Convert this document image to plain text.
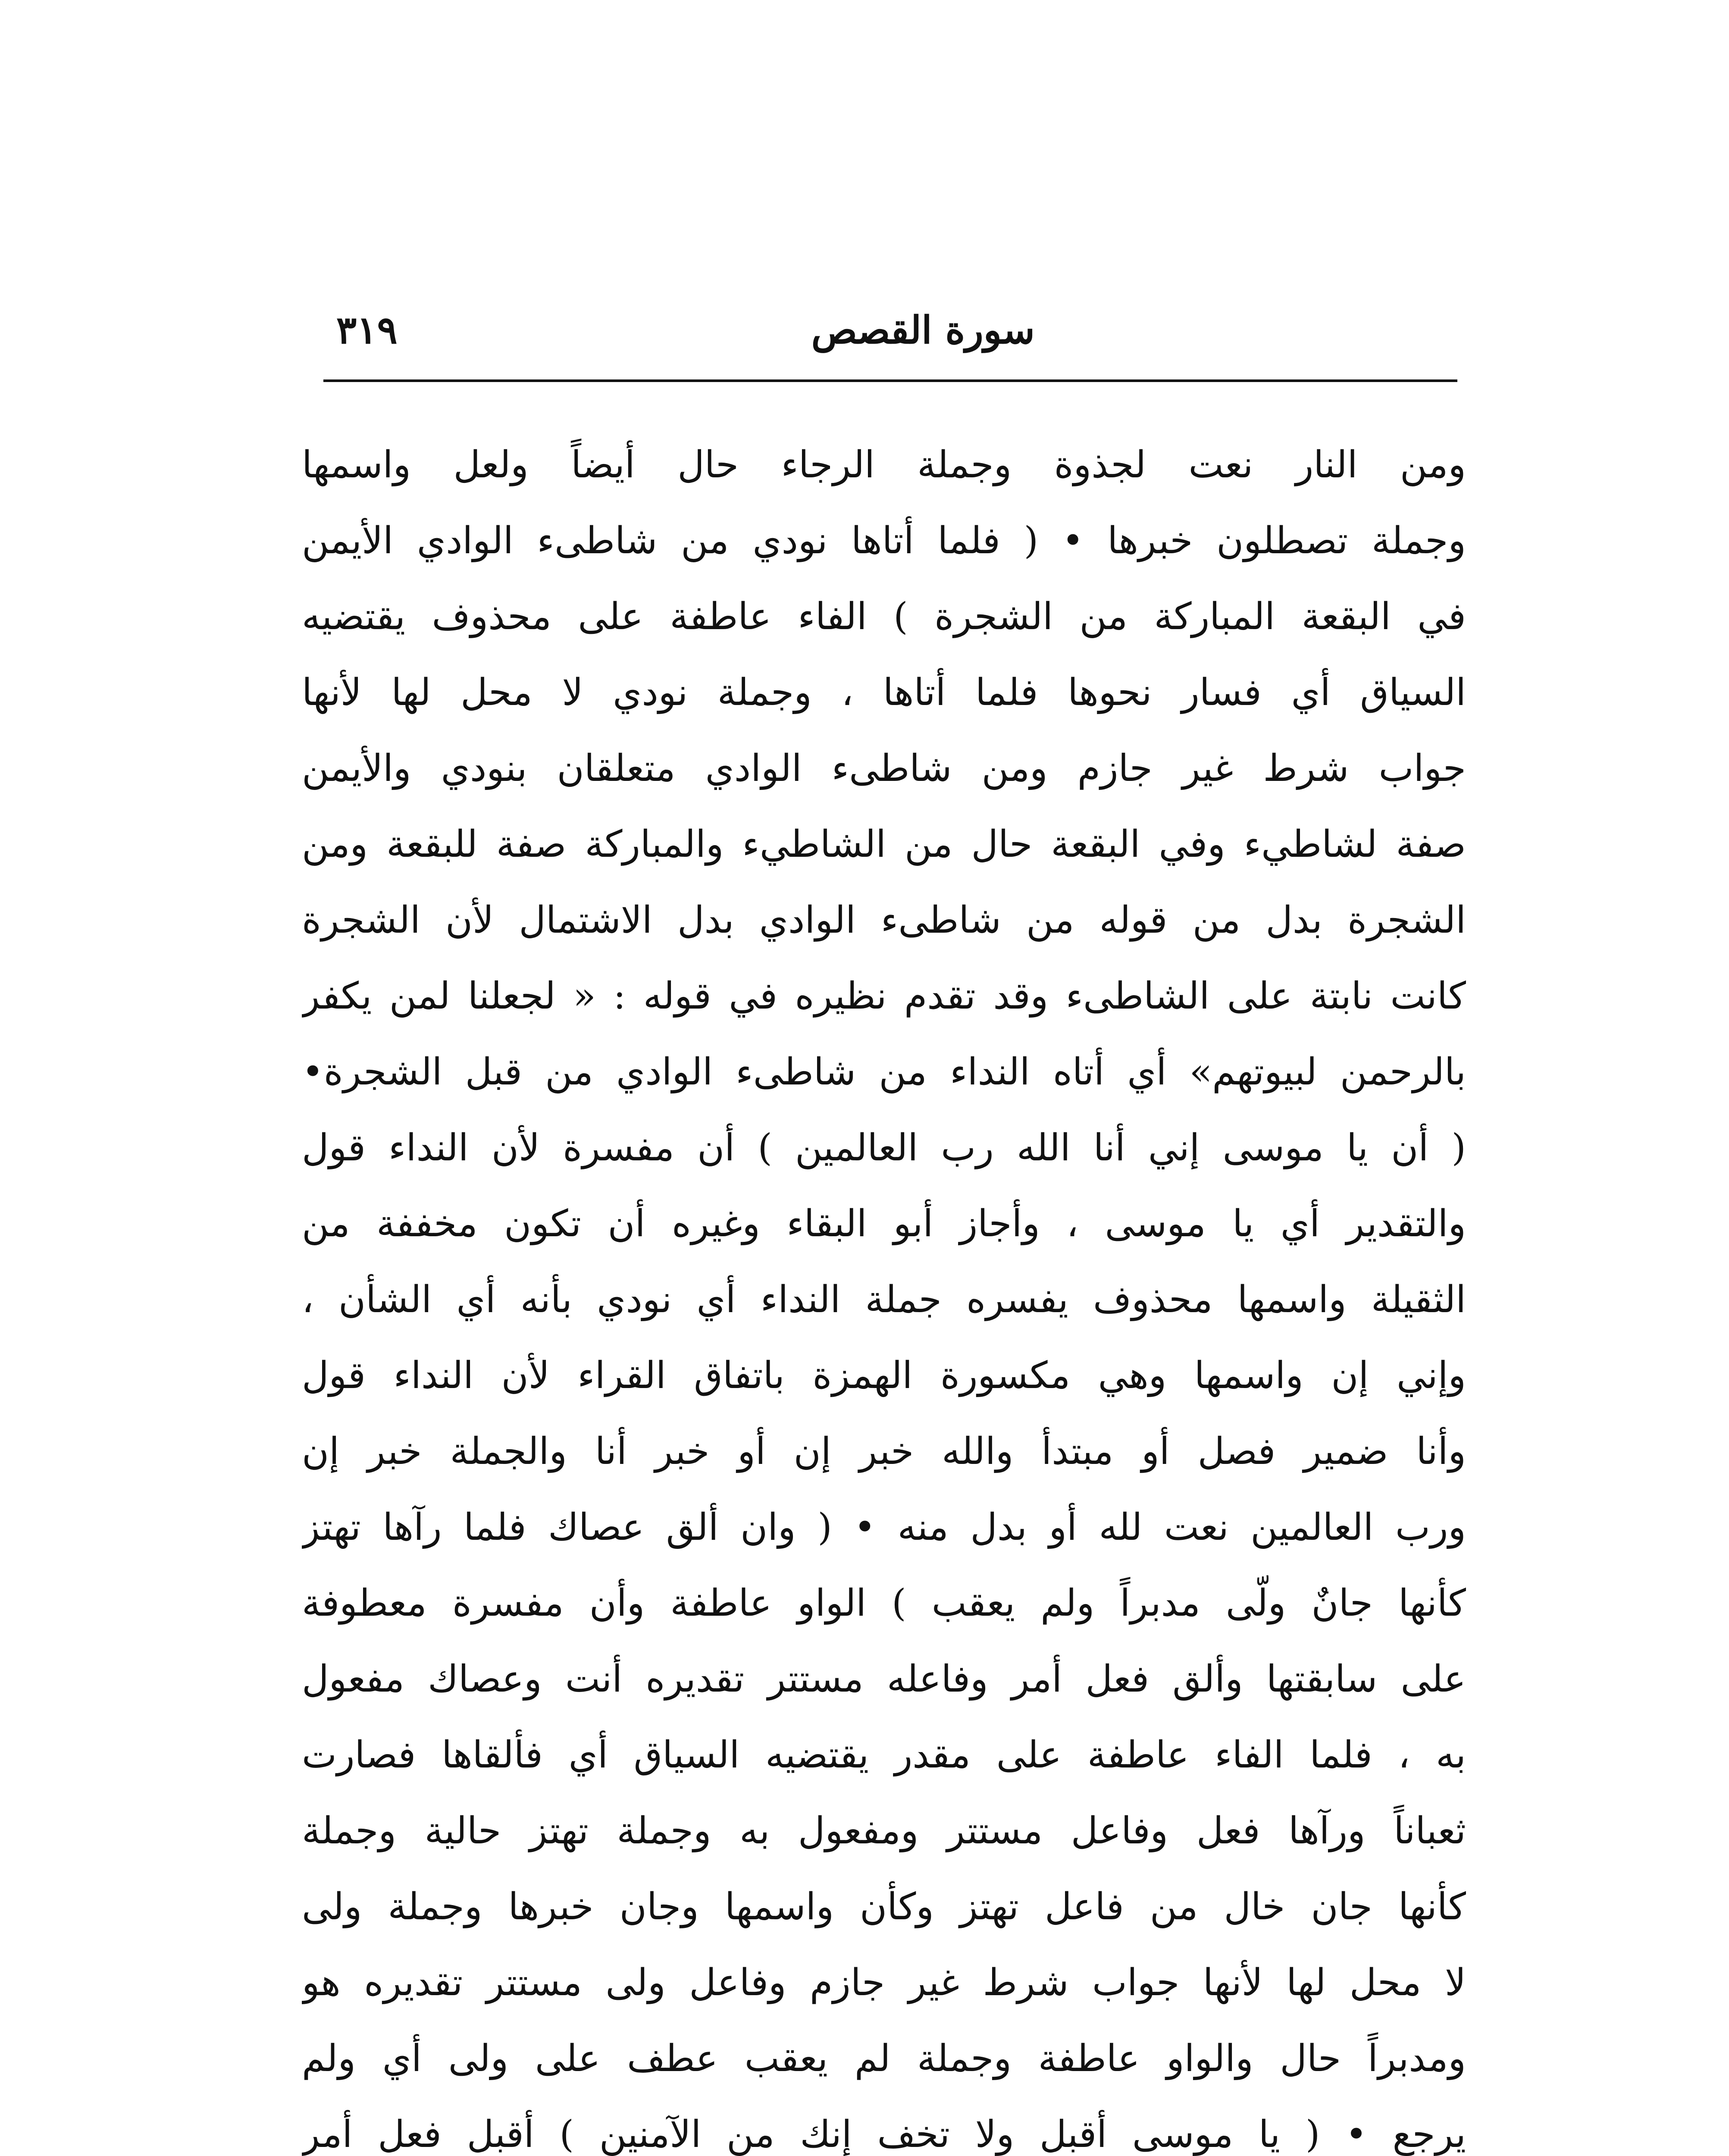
سورة القصص
٣١٩
ومن النار نعت لجذوة وجملة الرجاء حال أيضاً ولعل واسمها
وجملة تصطلون خبرها • ( فلما أتاها نودي من شاطىء الوادي الأيمن
في البقعة المباركة من الشجرة ) الفاء عاطفة على محذوف يقتضيه
السياق أي فسار نحوها فلما أتاها ، وجملة نودي لا محل لها لأنها
جواب شرط غير جازم ومن شاطىء الوادي متعلقان بنودي والأيمن
صفة لشاطيء وفي البقعة حال من الشاطيء والمباركة صفة للبقعة ومن
الشجرة بدل من قوله من شاطىء الوادي بدل الاشتمال لأن الشجرة
كانت نابتة على الشاطىء وقد تقدم نظيره في قوله : « لجعلنا لمن يكفر
بالرحمن لبيوتهم» أي أتاه النداء من شاطىء الوادي من قبل الشجرة•
( أن يا موسى إني أنا الله رب العالمين ) أن مفسرة لأن النداء قول
والتقدير أي يا موسى ، وأجاز أبو البقاء وغيره أن تكون مخففة من
الثقيلة واسمها محذوف يفسره جملة النداء أي نودي بأنه أي الشأن ،
وإني إن واسمها وهي مكسورة الهمزة باتفاق القراء لأن النداء قول
وأنا ضمير فصل أو مبتدأ والله خبر إن أو خبر أنا والجملة خبر إن
ورب العالمين نعت لله أو بدل منه • ( وان ألق عصاك فلما رآها تهتز
كأنها جانٌ ولّى مدبراً ولم يعقب ) الواو عاطفة وأن مفسرة معطوفة
على سابقتها وألق فعل أمر وفاعله مستتر تقديره أنت وعصاك مفعول
به ، فلما الفاء عاطفة على مقدر يقتضيه السياق أي فألقاها فصارت
ثعباناً ورآها فعل وفاعل مستتر ومفعول به وجملة تهتز حالية وجملة
كأنها جان خال من فاعل تهتز وكأن واسمها وجان خبرها وجملة ولى
لا محل لها لأنها جواب شرط غير جازم وفاعل ولى مستتر تقديره هو
ومدبراً حال والواو عاطفة وجملة لم يعقب عطف على ولى أي ولم
يرجع • ( يا موسى أقبل ولا تخف إنك من الآمنين ) أقبل فعل أمر
